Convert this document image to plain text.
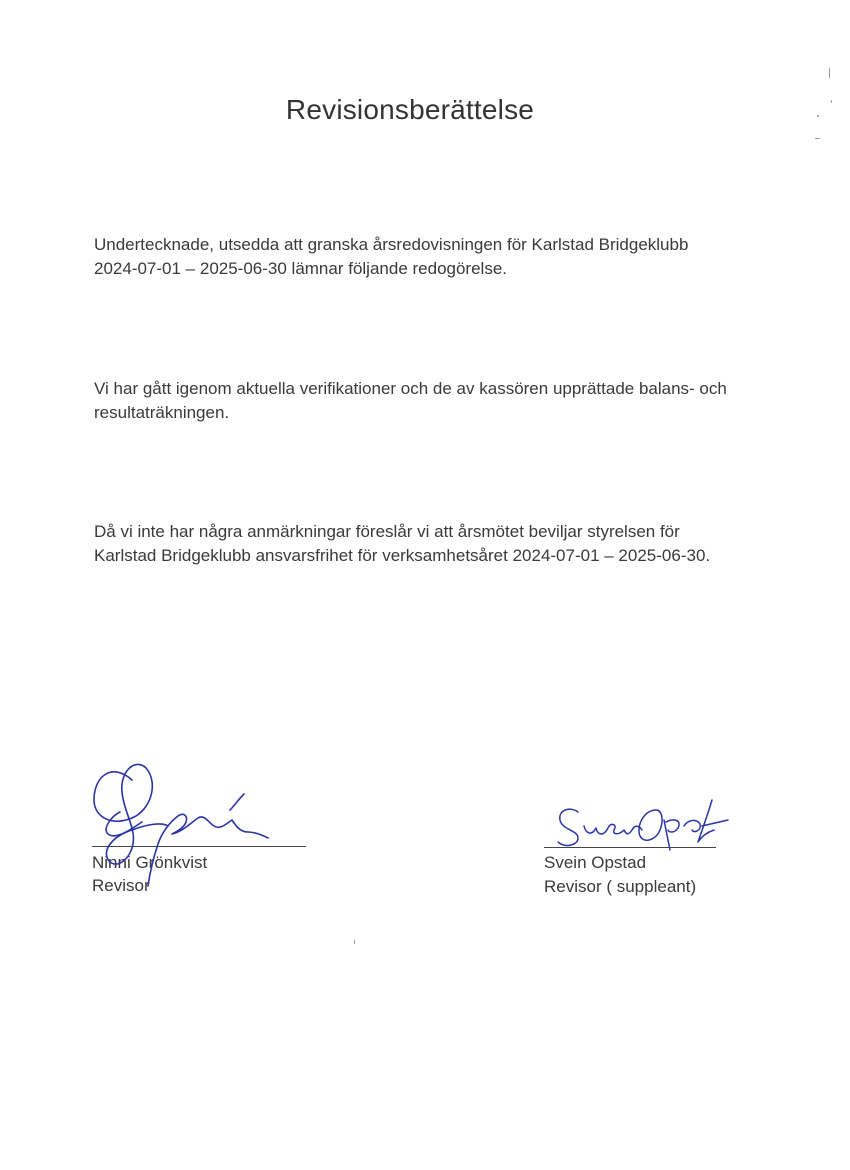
Revisionsberättelse

Undertecknade, utsedda att granska årsredovisningen för Karlstad Bridgeklubb 2024-07-01 – 2025-06-30 lämnar följande redogörelse.

Vi har gått igenom aktuella verifikationer och de av kassören upprättade balans- och resultaträkningen.

Då vi inte har några anmärkningar föreslår vi att årsmötet beviljar styrelsen för Karlstad Bridgeklubb ansvarsfrihet för verksamhetsåret 2024-07-01 – 2025-06-30.

Ninni Grönkvist
Revisor
Svein Opstad
Revisor ( suppleant)
